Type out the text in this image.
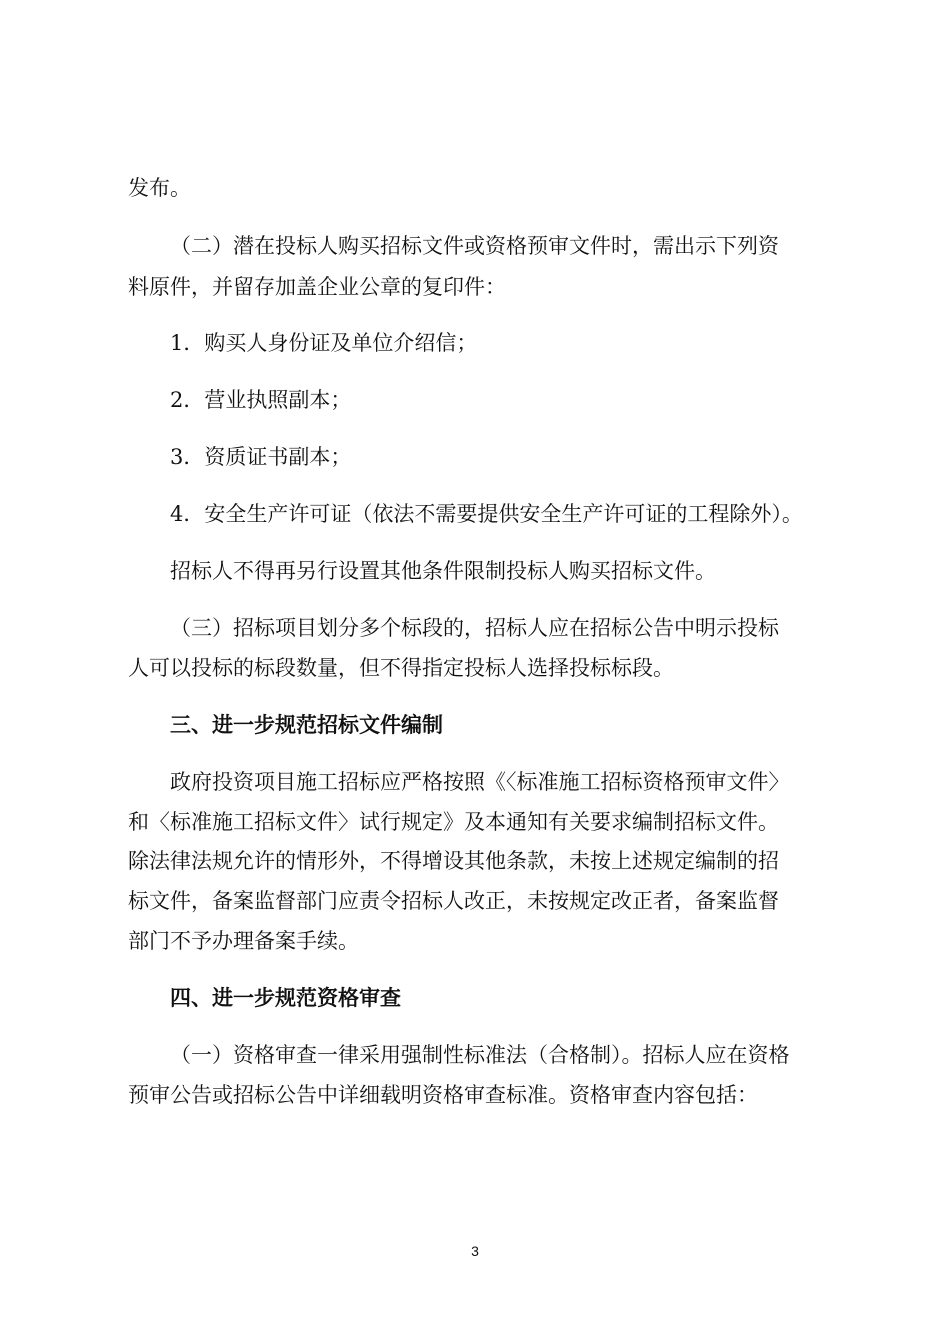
发布。
（二）潜在投标人购买招标文件或资格预审文件时，需出示下列资
料原件，并留存加盖企业公章的复印件：
1．购买人身份证及单位介绍信；
2．营业执照副本；
3．资质证书副本；
4．安全生产许可证（依法不需要提供安全生产许可证的工程除外）。
招标人不得再另行设置其他条件限制投标人购买招标文件。
（三）招标项目划分多个标段的，招标人应在招标公告中明示投标
人可以投标的标段数量，但不得指定投标人选择投标标段。
三、进一步规范招标文件编制
政府投资项目施工招标应严格按照《〈标准施工招标资格预审文件〉
和〈标准施工招标文件〉试行规定》及本通知有关要求编制招标文件。
除法律法规允许的情形外，不得增设其他条款，未按上述规定编制的招
标文件，备案监督部门应责令招标人改正，未按规定改正者，备案监督
部门不予办理备案手续。
四、进一步规范资格审查
（一）资格审查一律采用强制性标准法（合格制）。招标人应在资格
预审公告或招标公告中详细载明资格审查标准。资格审查内容包括：
3
